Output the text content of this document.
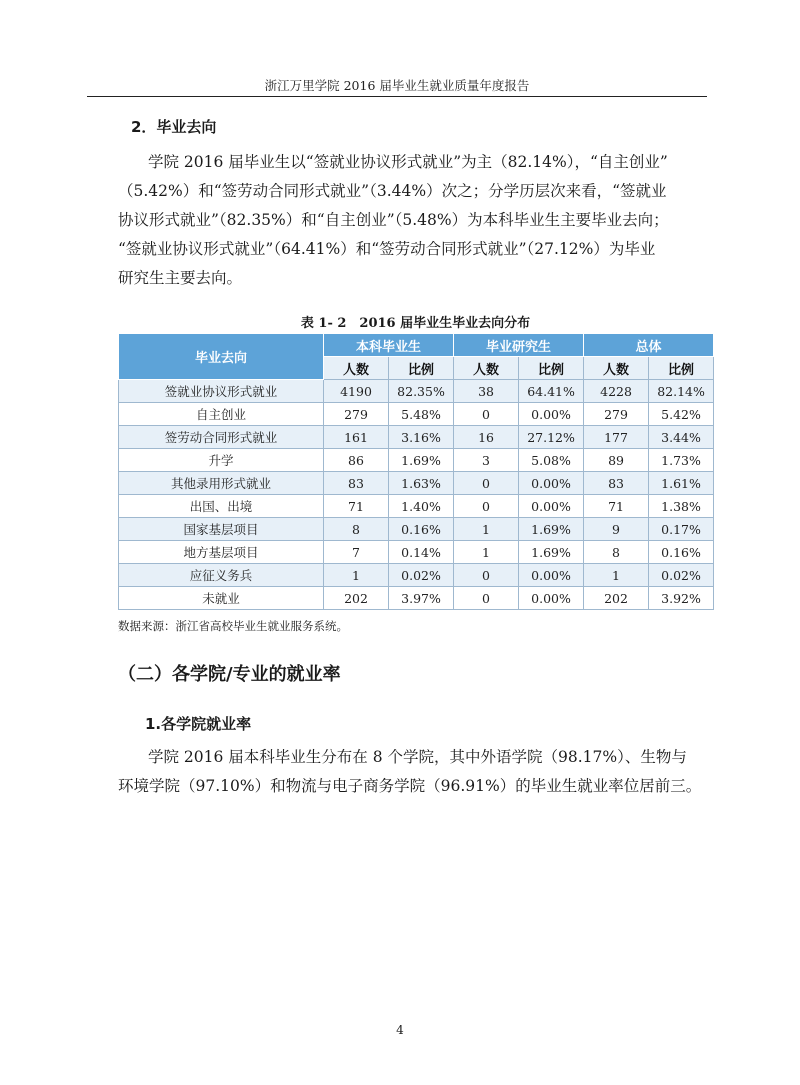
浙江万里学院 2016 届毕业生就业质量年度报告
2．毕业去向

学院 2016 届毕业生以“签就业协议形式就业”为主（82.14%），“自主创业”

（5.42%）和“签劳动合同形式就业”（3.44%）次之；分学历层次来看，“签就业

协议形式就业”（82.35%）和“自主创业”（5.48%）为本科毕业生主要毕业去向；

“签就业协议形式就业”（64.41%）和“签劳动合同形式就业”（27.12%）为毕业

研究生主要去向。

表 1- 2　2016 届毕业生毕业去向分布
毕业去向	本科毕业生		毕业研究生		总体	
	人数	比例	人数	比例	人数	比例
签就业协议形式就业	4190	82.35%	38	64.41%	4228	82.14%
自主创业	279	5.48%	0	0.00%	279	5.42%
签劳动合同形式就业	161	3.16%	16	27.12%	177	3.44%
升学	86	1.69%	3	5.08%	89	1.73%
其他录用形式就业	83	1.63%	0	0.00%	83	1.61%
出国、出境	71	1.40%	0	0.00%	71	1.38%
国家基层项目	8	0.16%	1	1.69%	9	0.17%
地方基层项目	7	0.14%	1	1.69%	8	0.16%
应征义务兵	1	0.02%	0	0.00%	1	0.02%
未就业	202	3.97%	0	0.00%	202	3.92%
数据来源：浙江省高校毕业生就业服务系统。
（二）各学院/专业的就业率
1.各学院就业率

学院 2016 届本科毕业生分布在 8 个学院，其中外语学院（98.17%）、生物与

环境学院（97.10%）和物流与电子商务学院（96.91%）的毕业生就业率位居前三。

4
